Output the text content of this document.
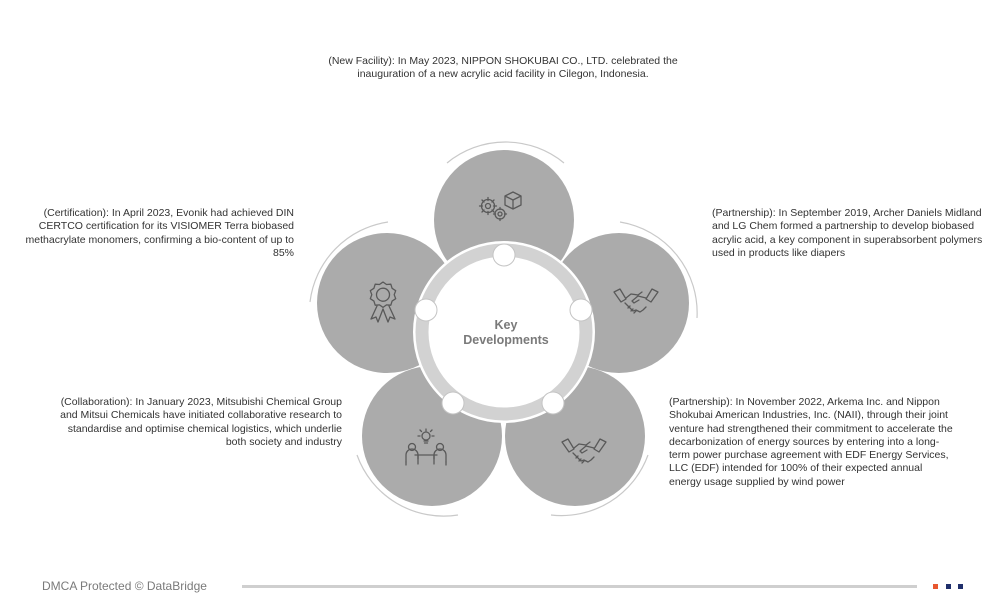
Key
Developments
(New Facility): In May 2023, NIPPON SHOKUBAI CO., LTD. celebrated the inauguration of a new acrylic acid facility in Cilegon, Indonesia.
(Partnership): In September 2019, Archer Daniels Midland and LG Chem formed a partnership to develop biobased acrylic acid, a key component in superabsorbent polymers used in products like diapers
(Partnership): In November 2022, Arkema Inc. and Nippon Shokubai American Industries, Inc. (NAII), through their joint venture had strengthened their commitment to accelerate the decarbonization of energy sources by entering into a long-term power purchase agreement with EDF Energy Services, LLC (EDF) intended for 100% of their expected annual energy usage supplied by wind power
(Collaboration): In January 2023, Mitsubishi Chemical Group and Mitsui Chemicals have initiated collaborative research to standardise and optimise chemical logistics, which underlie both society and industry
(Certification): In April 2023, Evonik had achieved DIN CERTCO certification for its VISIOMER Terra biobased methacrylate monomers, confirming a bio-content of up to 85%
DMCA Protected © DataBridge
